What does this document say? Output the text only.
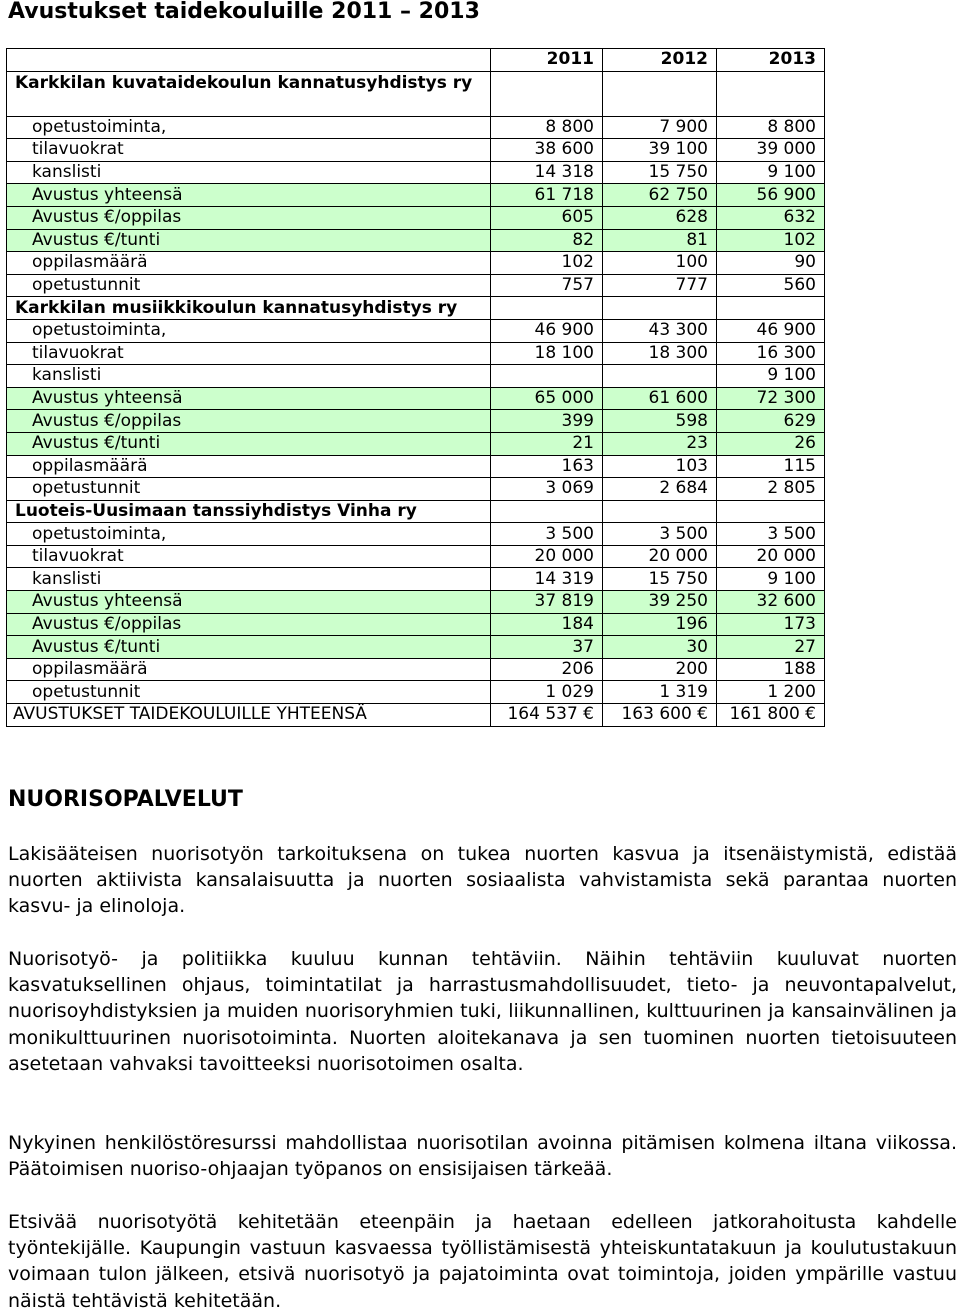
Avustukset taidekouluille 2011 – 2013
	2011	2012	2013
Karkkilan kuvataidekoulun kannatusyhdistys ry			
opetustoiminta,	8 800	7 900	8 800
tilavuokrat	38 600	39 100	39 000
kanslisti	14 318	15 750	9 100
Avustus yhteensä	61 718	62 750	56 900
Avustus €/oppilas	605	628	632
Avustus €/tunti	82	81	102
oppilasmäärä	102	100	90
opetustunnit	757	777	560
Karkkilan musiikkikoulun kannatusyhdistys ry			
opetustoiminta,	46 900	43 300	46 900
tilavuokrat	18 100	18 300	16 300
kanslisti			9 100
Avustus yhteensä	65 000	61 600	72 300
Avustus €/oppilas	399	598	629
Avustus €/tunti	21	23	26
oppilasmäärä	163	103	115
opetustunnit	3 069	2 684	2 805
Luoteis-Uusimaan tanssiyhdistys Vinha ry			
opetustoiminta,	3 500	3 500	3 500
tilavuokrat	20 000	20 000	20 000
kanslisti	14 319	15 750	9 100
Avustus yhteensä	37 819	39 250	32 600
Avustus €/oppilas	184	196	173
Avustus €/tunti	37	30	27
oppilasmäärä	206	200	188
opetustunnit	1 029	1 319	1 200
AVUSTUKSET TAIDEKOULUILLE YHTEENSÄ	164 537 €	163 600 €	161 800 €
NUORISOPALVELUT

Lakisääteisen nuorisotyön tarkoituksena on tukea nuorten kasvua ja itsenäistymistä, edistää nuorten aktiivista kansalaisuutta ja nuorten sosiaalista vahvistamista sekä parantaa nuorten kasvu- ja elinoloja.

Nuorisotyö- ja politiikka kuuluu kunnan tehtäviin. Näihin tehtäviin kuuluvat nuorten kasvatuksellinen ohjaus, toimintatilat ja harrastusmahdollisuudet, tieto- ja neuvontapalvelut, nuorisoyhdistyksien ja muiden nuorisoryhmien tuki, liikunnallinen, kulttuurinen ja kansainvälinen ja monikulttuurinen nuorisotoiminta. Nuorten aloitekanava ja sen tuominen nuorten tietoisuuteen asetetaan vahvaksi tavoitteeksi nuorisotoimen osalta.

Nykyinen henkilöstöresurssi mahdollistaa nuorisotilan avoinna pitämisen kolmena iltana viikossa. Päätoimisen nuoriso-ohjaajan työpanos on ensisijaisen tärkeää.

Etsivää nuorisotyötä kehitetään eteenpäin ja haetaan edelleen jatkorahoitusta kahdelle työntekijälle. Kaupungin vastuun kasvaessa työllistämisestä yhteiskuntatakuun ja koulutustakuun voimaan tulon jälkeen, etsivä nuorisotyö ja pajatoiminta ovat toimintoja, joiden ympärille vastuu näistä tehtävistä kehitetään.
